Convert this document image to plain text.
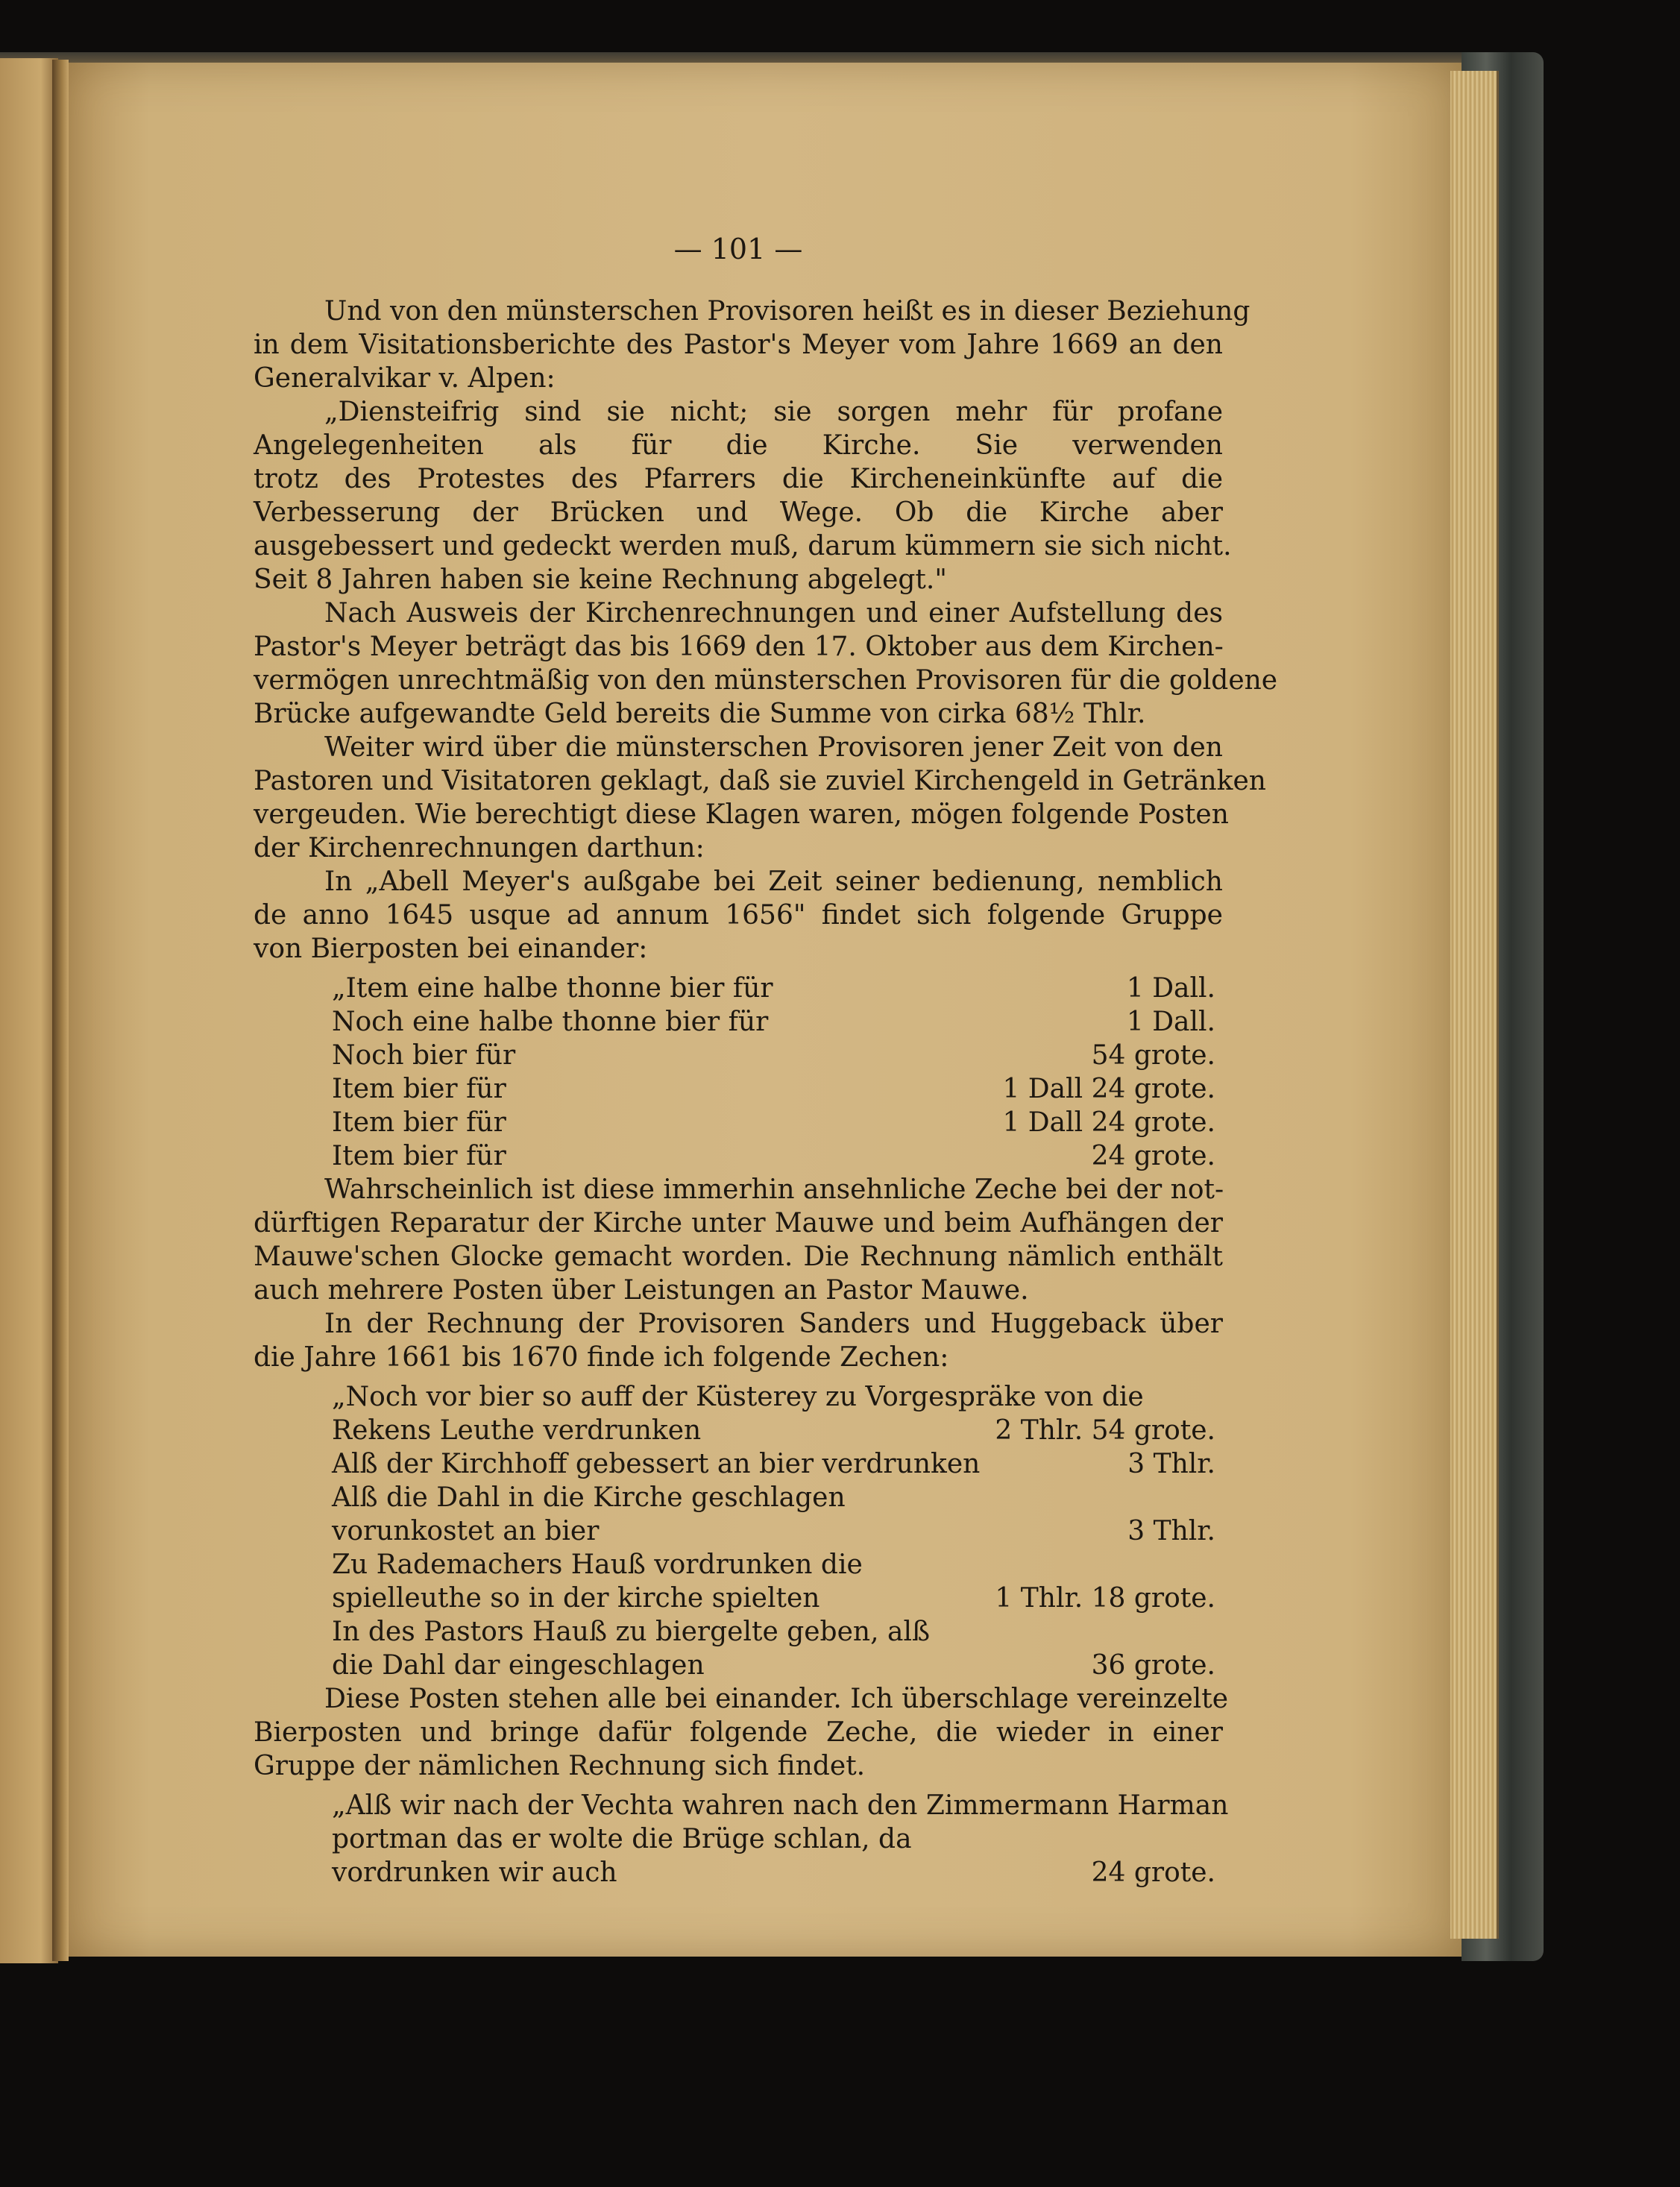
— 101 —
Und von den münsterschen Provisoren heißt es in dieser Beziehung
in dem Visitationsberichte des Pastor's Meyer vom Jahre 1669 an den
Generalvikar v. Alpen:
„Diensteifrig sind sie nicht; sie sorgen mehr für profane
Angelegenheiten als für die Kirche. Sie verwenden
trotz des Protestes des Pfarrers die Kircheneinkünfte auf die
Verbesserung der Brücken und Wege. Ob die Kirche aber
ausgebessert und gedeckt werden muß, darum kümmern sie sich nicht.
Seit 8 Jahren haben sie keine Rechnung abgelegt."
Nach Ausweis der Kirchenrechnungen und einer Aufstellung des
Pastor's Meyer beträgt das bis 1669 den 17. Oktober aus dem Kirchen-
vermögen unrechtmäßig von den münsterschen Provisoren für die goldene
Brücke aufgewandte Geld bereits die Summe von cirka 68½ Thlr.
Weiter wird über die münsterschen Provisoren jener Zeit von den
Pastoren und Visitatoren geklagt, daß sie zuviel Kirchengeld in Getränken
vergeuden. Wie berechtigt diese Klagen waren, mögen folgende Posten
der Kirchenrechnungen darthun:
In „Abell Meyer's außgabe bei Zeit seiner bedienung, nemblich
de anno 1645 usque ad annum 1656" findet sich folgende Gruppe
von Bierposten bei einander:
„Item eine halbe thonne bier für	1 Dall.
Noch eine halbe thonne bier für	1 Dall.
Noch bier für	54 grote.
Item bier für	1 Dall 24 grote.
Item bier für	1 Dall 24 grote.
Item bier für	24 grote.
Wahrscheinlich ist diese immerhin ansehnliche Zeche bei der not-
dürftigen Reparatur der Kirche unter Mauwe und beim Aufhängen der
Mauwe'schen Glocke gemacht worden. Die Rechnung nämlich enthält
auch mehrere Posten über Leistungen an Pastor Mauwe.
In der Rechnung der Provisoren Sanders und Huggeback über
die Jahre 1661 bis 1670 finde ich folgende Zechen:
„Noch vor bier so auff der Küsterey zu Vorgespräke von die
Rekens Leuthe verdrunken	2 Thlr. 54 grote.
Alß der Kirchhoff gebessert an bier verdrunken	3 Thlr.
Alß die Dahl in die Kirche geschlagen
vorunkostet an bier	3 Thlr.
Zu Rademachers Hauß vordrunken die
spielleuthe so in der kirche spielten	1 Thlr. 18 grote.
In des Pastors Hauß zu biergelte geben, alß
die Dahl dar eingeschlagen	36 grote.
Diese Posten stehen alle bei einander. Ich überschlage vereinzelte
Bierposten und bringe dafür folgende Zeche, die wieder in einer
Gruppe der nämlichen Rechnung sich findet.
„Alß wir nach der Vechta wahren nach den Zimmermann Harman
portman das er wolte die Brüge schlan, da
vordrunken wir auch	24 grote.
